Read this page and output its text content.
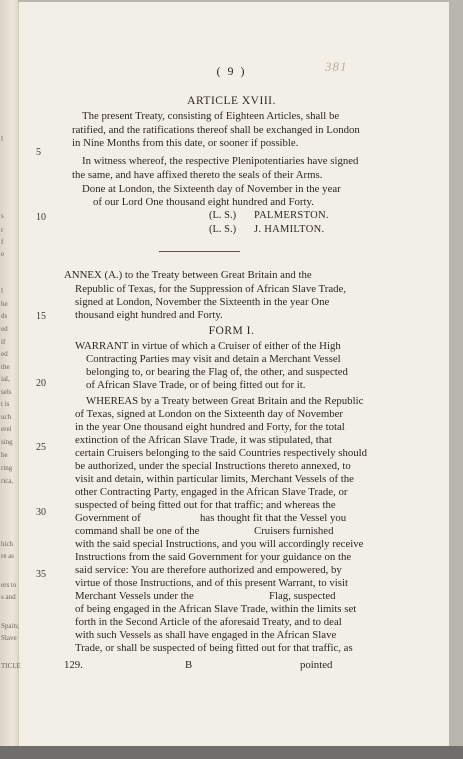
( 9 )	381
ARTICLE XVIII.
The present Treaty, consisting of Eighteen Articles, shall be
ratified, and the ratifications thereof shall be exchanged in London
in Nine Months from this date, or sooner if possible.
In witness whereof, the respective Plenipotentiaries have signed
the same, and have affixed thereto the seals of their Arms.
Done at London, the Sixteenth day of November in the year
of our Lord One thousand eight hundred and Forty.
(L. S.) PALMERSTON.
(L. S.) J. HAMILTON.
ANNEX (A.) to the Treaty between Great Britain and the
Republic of Texas, for the Suppression of African Slave Trade,
signed at London, November the Sixteenth in the year One
thousand eight hundred and Forty.
FORM I.
WARRANT in virtue of which a Cruiser of either of the High
Contracting Parties may visit and detain a Merchant Vessel
belonging to, or bearing the Flag of, the other, and suspected
of African Slave Trade, or of being fitted out for it.
WHEREAS by a Treaty between Great Britain and the Republic
of Texas, signed at London on the Sixteenth day of November
in the year One thousand eight hundred and Forty, for the total
extinction of the African Slave Trade, it was stipulated, that
certain Cruisers belonging to the said Countries respectively should
be authorized, under the special Instructions thereto annexed, to
visit and detain, within particular limits, Merchant Vessels of the
other Contracting Party, engaged in the African Slave Trade, or
suspected of being fitted out for that traffic; and whereas the
Government of	has thought fit that the Vessel you
command shall be one of the	Cruisers furnished
with the said special Instructions, and you will accordingly receive
Instructions from the said Government for your guidance on the
said service: You are therefore authorized and empowered, by
virtue of those Instructions, and of this present Warrant, to visit
Merchant Vessels under the	Flag, suspected
of being engaged in the African Slave Trade, within the limits set
forth in the Second Article of the aforesaid Treaty, and to deal
with such Vessels as shall have engaged in the African Slave
Trade, or shall be suspected of being fitted out for that traffic, as
129.	B	pointed
5
10
15
20
25
30
35
l
s
r
f
e
l
he
ds
ed
if
ed
the
ial,
sels
t is
uch
erei
sing
be
ring
rica,
hich
re as
ers to
s and
Spain;
Slave
TICLE
